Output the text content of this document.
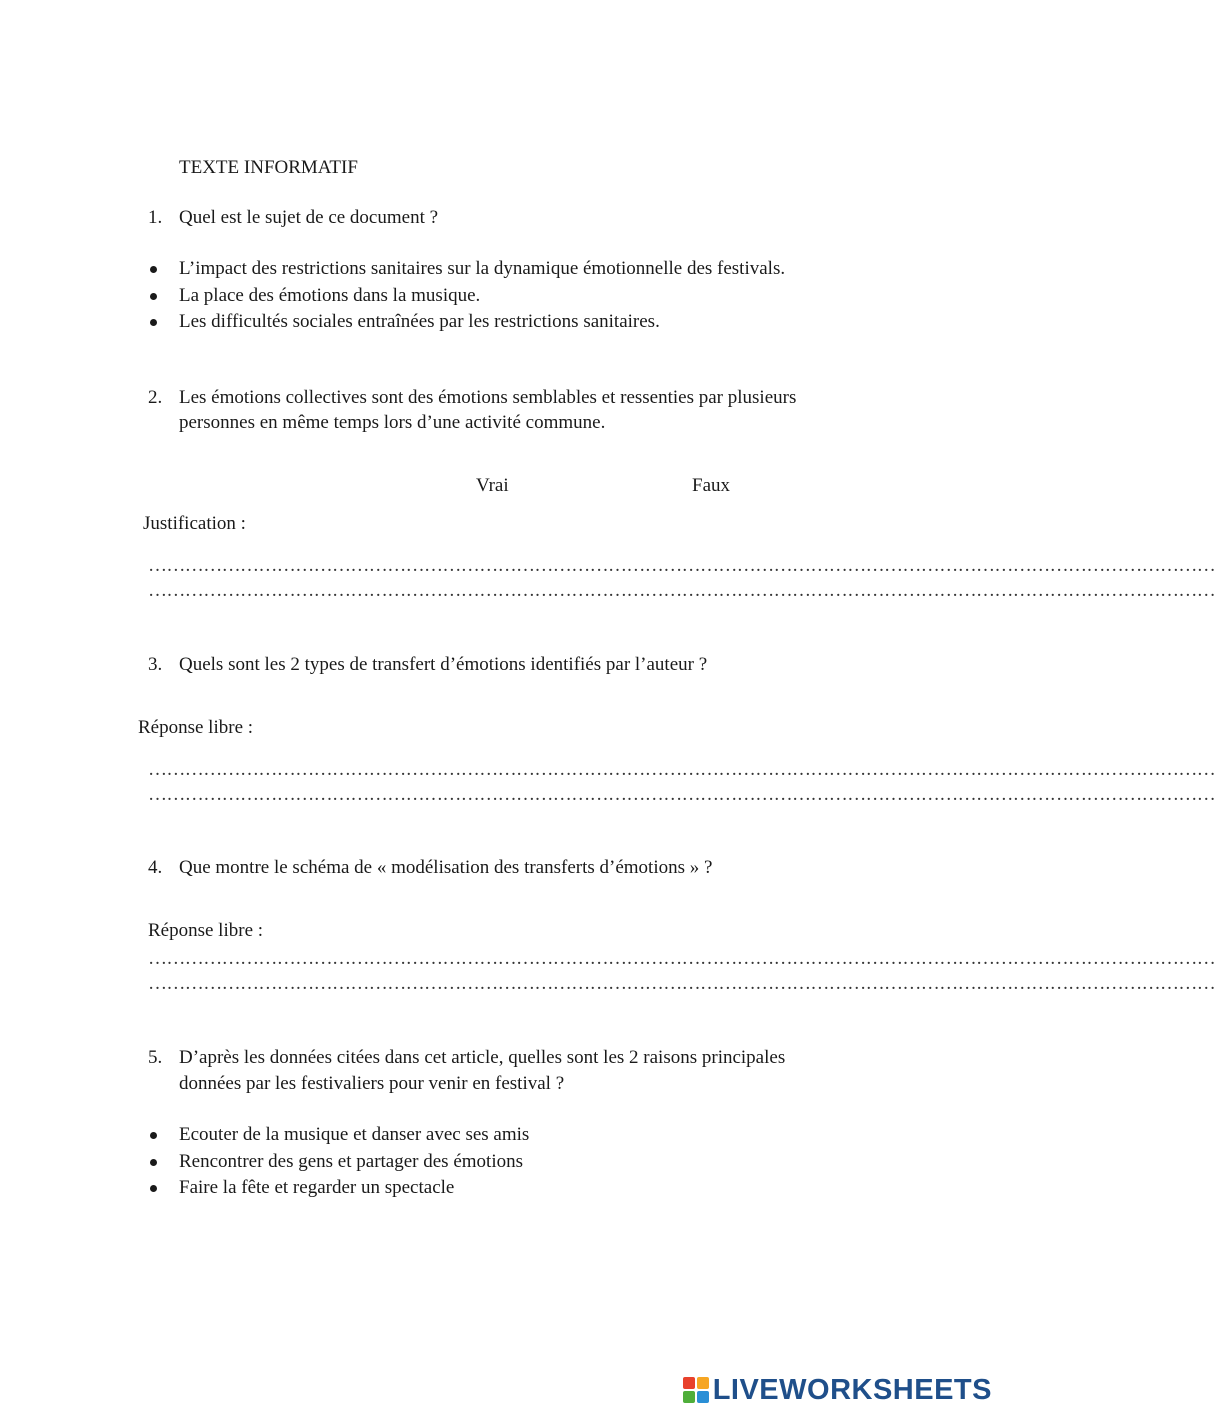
TEXTE INFORMATIF
1. Quel est le sujet de ce document ?
L’impact des restrictions sanitaires sur la dynamique émotionnelle des festivals.
La place des émotions dans la musique.
Les difficultés sociales entraînées par les restrictions sanitaires.
2. Les émotions collectives sont des émotions semblables et ressenties par plusieurs
personnes en même temps lors d’une activité commune.
Vrai	Faux
Justification :
…………………………………………………………………………………………………………………………………………………………
…………………………………………………………………………………………………………………………………………………………
3. Quels sont les 2 types de transfert d’émotions identifiés par l’auteur ?
Réponse libre :
…………………………………………………………………………………………………………………………………………………………
…………………………………………………………………………………………………………………………………………………………
4. Que montre le schéma de « modélisation des transferts d’émotions » ?
Réponse libre :
…………………………………………………………………………………………………………………………………………………………
…………………………………………………………………………………………………………………………………………………………
5. D’après les données citées dans cet article, quelles sont les 2 raisons principales
données par les festivaliers pour venir en festival ?
Ecouter de la musique et danser avec ses amis
Rencontrer des gens et partager des émotions
Faire la fête et regarder un spectacle
LIVEWORKSHEETS
